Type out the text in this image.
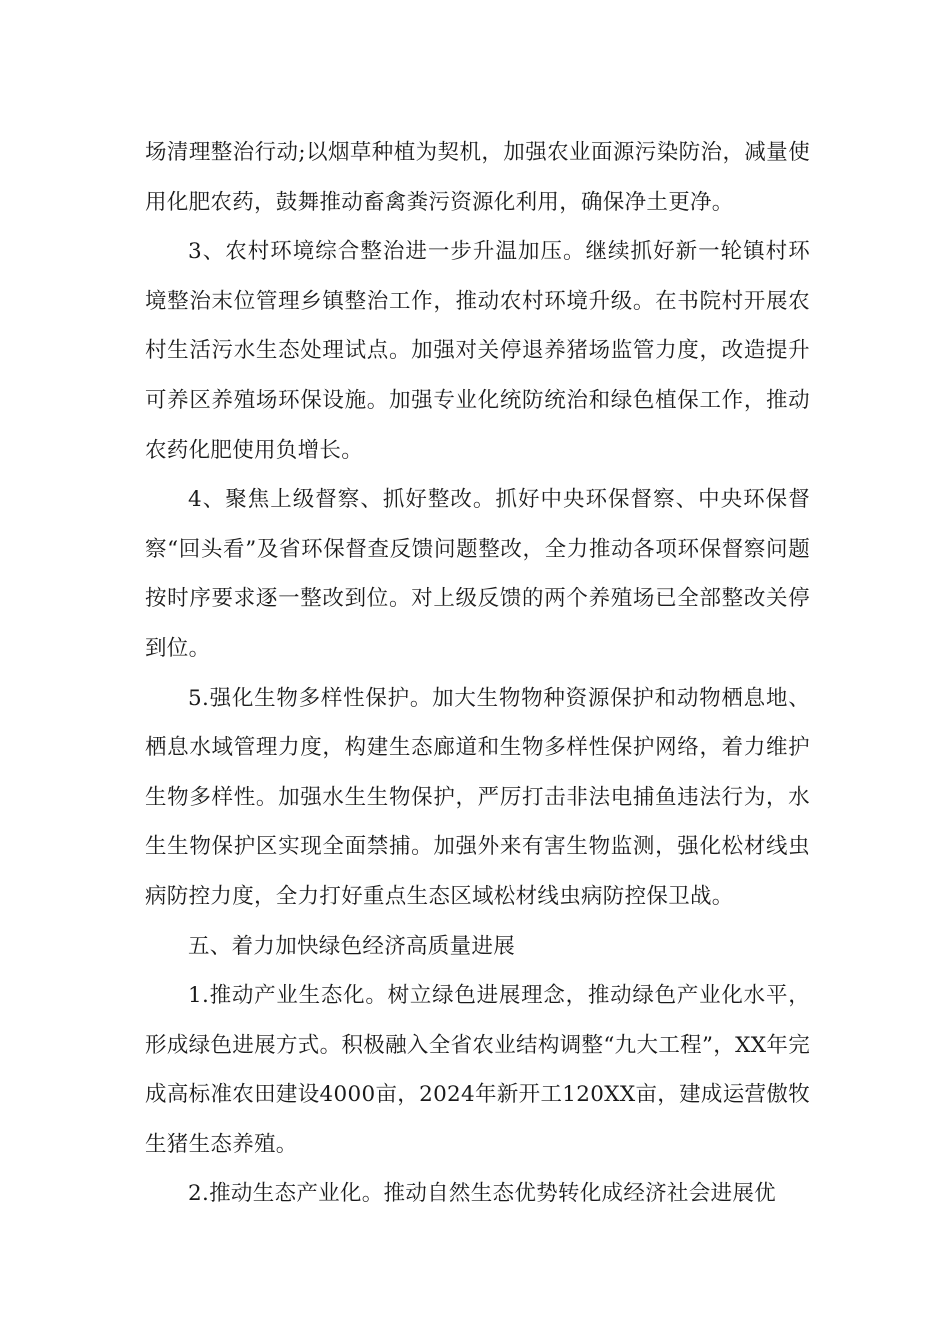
场清理整治行动;以烟草种植为契机，加强农业面源污染防治，减量使用化肥农药，鼓舞推动畜禽粪污资源化利用，确保净土更净。

3、农村环境综合整治进一步升温加压。继续抓好新一轮镇村环境整治末位管理乡镇整治工作，推动农村环境升级。在书院村开展农村生活污水生态处理试点。加强对关停退养猪场监管力度，改造提升可养区养殖场环保设施。加强专业化统防统治和绿色植保工作，推动农药化肥使用负增长。

4、聚焦上级督察、抓好整改。抓好中央环保督察、中央环保督察“回头看”及省环保督查反馈问题整改，全力推动各项环保督察问题按时序要求逐一整改到位。对上级反馈的两个养殖场已全部整改关停到位。

5.强化生物多样性保护。加大生物物种资源保护和动物栖息地、栖息水域管理力度，构建生态廊道和生物多样性保护网络，着力维护生物多样性。加强水生生物保护，严厉打击非法电捕鱼违法行为，水生生物保护区实现全面禁捕。加强外来有害生物监测，强化松材线虫病防控力度，全力打好重点生态区域松材线虫病防控保卫战。

五、着力加快绿色经济高质量进展

1.推动产业生态化。树立绿色进展理念，推动绿色产业化水平，形成绿色进展方式。积极融入全省农业结构调整“九大工程”，XX年完成高标准农田建设4000亩，2024年新开工120XX亩，建成运营傲牧生猪生态养殖。

2.推动生态产业化。推动自然生态优势转化成经济社会进展优
